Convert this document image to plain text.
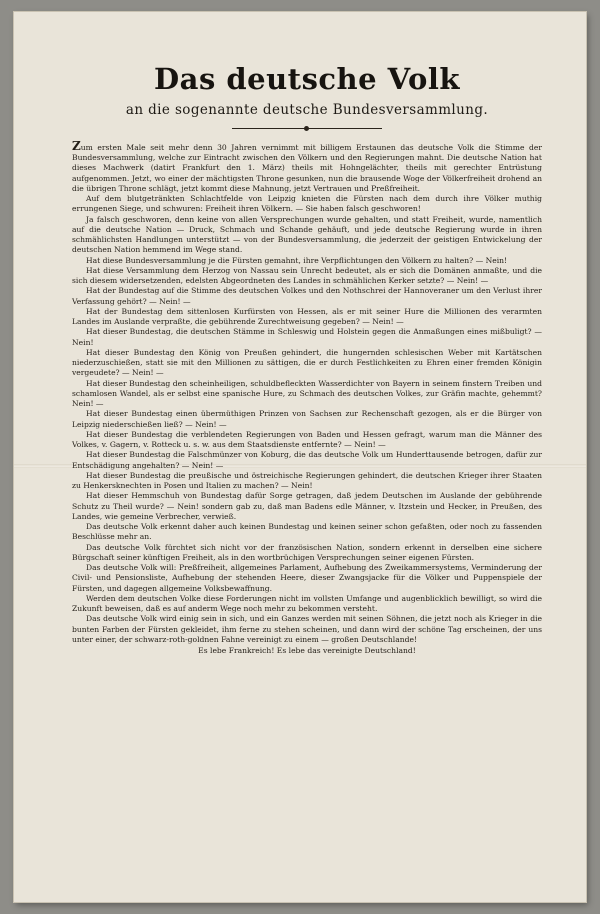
Das deutsche Volk
an die sogenannte deutsche Bundesversammlung.

Zum ersten Male seit mehr denn 30 Jahren vernimmt mit billigem Erstaunen das deutsche Volk die Stimme der Bundesversammlung, welche zur Eintracht zwischen den Völkern und den Regierungen mahnt. Die deutsche Nation hat dieses Machwerk (datirt Frankfurt den 1. März) theils mit Hohngelächter, theils mit gerechter Entrüstung aufgenommen. Jetzt, wo einer der mächtigsten Throne gesunken, nun die brausende Woge der Völkerfreiheit drohend an die übrigen Throne schlägt, jetzt kommt diese Mahnung, jetzt Vertrauen und Preßfreiheit.

Auf dem blutgetränkten Schlachtfelde von Leipzig knieten die Fürsten nach dem durch ihre Völker muthig errungenen Siege, und schwuren: Freiheit ihren Völkern. — Sie haben falsch geschworen!

Ja falsch geschworen, denn keine von allen Versprechungen wurde gehalten, und statt Freiheit, wurde, namentlich auf die deutsche Nation — Druck, Schmach und Schande gehäuft, und jede deutsche Regierung wurde in ihren schmählichsten Handlungen unterstützt — von der Bundesversammlung, die jederzeit der geistigen Entwickelung der deutschen Nation hemmend im Wege stand.

Hat diese Bundesversammlung je die Fürsten gemahnt, ihre Verpflichtungen den Völkern zu halten? — Nein!

Hat diese Versammlung dem Herzog von Nassau sein Unrecht bedeutet, als er sich die Domänen anmaßte, und die sich diesem widersetzenden, edelsten Abgeordneten des Landes in schmählichen Kerker setzte? — Nein! —

Hat der Bundestag auf die Stimme des deutschen Volkes und den Nothschrei der Hannoveraner um den Verlust ihrer Verfassung gehört? — Nein! —

Hat der Bundestag dem sittenlosen Kurfürsten von Hessen, als er mit seiner Hure die Millionen des verarmten Landes im Auslande verpraßte, die gebührende Zurechtweisung gegeben? — Nein! —

Hat dieser Bundestag, die deutschen Stämme in Schleswig und Holstein gegen die Anmaßungen eines mißbuligt? — Nein!

Hat dieser Bundestag den König von Preußen gehindert, die hungernden schlesischen Weber mit Kartätschen niederzuschießen, statt sie mit den Millionen zu sättigen, die er durch Festlichkeiten zu Ehren einer fremden Königin vergeudete? — Nein! —

Hat dieser Bundestag den scheinheiligen, schuldbefleckten Wasserdichter von Bayern in seinem finstern Treiben und schamlosen Wandel, als er selbst eine spanische Hure, zu Schmach des deutschen Volkes, zur Gräfin machte, gehemmt? Nein! —

Hat dieser Bundestag einen übermüthigen Prinzen von Sachsen zur Rechenschaft gezogen, als er die Bürger von Leipzig niederschießen ließ? — Nein! —

Hat dieser Bundestag die verblendeten Regierungen von Baden und Hessen gefragt, warum man die Männer des Volkes, v. Gagern, v. Rotteck u. s. w. aus dem Staatsdienste entfernte? — Nein! —

Hat dieser Bundestag die Falschmünzer von Koburg, die das deutsche Volk um Hunderttausende betrogen, dafür zur Entschädigung angehalten? — Nein! —

Hat dieser Bundestag die preußische und östreichische Regierungen gehindert, die deutschen Krieger ihrer Staaten zu Henkersknechten in Posen und Italien zu machen? — Nein!

Hat dieser Hemmschuh von Bundestag dafür Sorge getragen, daß jedem Deutschen im Auslande der gebührende Schutz zu Theil wurde? — Nein! sondern gab zu, daß man Badens edle Männer, v. Itzstein und Hecker, in Preußen, des Landes, wie gemeine Verbrecher, verwieß.

Das deutsche Volk erkennt daher auch keinen Bundestag und keinen seiner schon gefaßten, oder noch zu fassenden Beschlüsse mehr an.

Das deutsche Volk fürchtet sich nicht vor der französischen Nation, sondern erkennt in derselben eine sichere Bürgschaft seiner künftigen Freiheit, als in den wortbrüchigen Versprechungen seiner eigenen Fürsten.

Das deutsche Volk will: Preßfreiheit, allgemeines Parlament, Aufhebung des Zweikammersystems, Verminderung der Civil- und Pensionsliste, Aufhebung der stehenden Heere, dieser Zwangsjacke für die Völker und Puppenspiele der Fürsten, und dagegen allgemeine Volksbewaffnung.

Werden dem deutschen Volke diese Forderungen nicht im vollsten Umfange und augenblicklich bewilligt, so wird die Zukunft beweisen, daß es auf anderm Wege noch mehr zu bekommen versteht.

Das deutsche Volk wird einig sein in sich, und ein Ganzes werden mit seinen Söhnen, die jetzt noch als Krieger in die bunten Farben der Fürsten gekleidet, ihm ferne zu stehen scheinen, und dann wird der schöne Tag erscheinen, der uns unter einer, der schwarz-roth-goldnen Fahne vereinigt zu einem — großen Deutschlande!

Es lebe Frankreich! Es lebe das vereinigte Deutschland!
